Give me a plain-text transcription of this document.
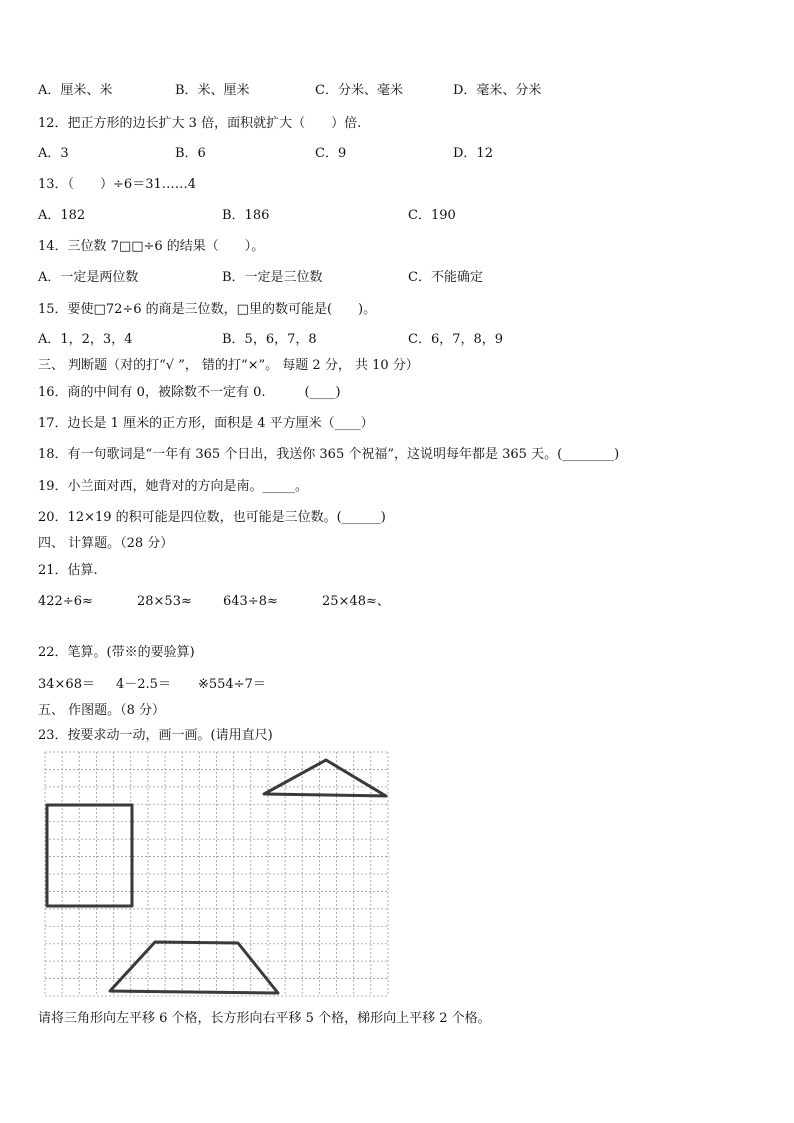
A．厘米、米	B．米、厘米	C．分米、毫米	D．毫米、分米
12．把正方形的边长扩大 3 倍，面积就扩大（　　）倍.
A．3	B．6	C．9	D．12
13．（　　）÷6＝31……4
A．182	B．186	C．190
14．三位数 7□□÷6 的结果（　　）。
A．一定是两位数	B．一定是三位数	C．不能确定
15．要使□72÷6 的商是三位数，□里的数可能是(　　)。
A．1，2，3，4	B．5，6，7，8	C．6，7，8，9
三、 判断题（对的打“√ ”， 错的打“×”。 每题 2 分， 共 10 分）
16．商的中间有 0，被除数不一定有 0.　　　(____)
17．边长是 1 厘米的正方形，面积是 4 平方厘米（____）
18．有一句歌词是“一年有 365 个日出，我送你 365 个祝福”，这说明每年都是 365 天。(________)
19．小兰面对西，她背对的方向是南。_____。
20．12×19 的积可能是四位数，也可能是三位数。(______)
四、 计算题。（28 分）
21．估算.
422÷6≈	28×53≈ 643÷8≈	25×48≈、
22．笔算。(带※的要验算)
34×68＝ 4－2.5＝ ※554÷7＝
五、 作图题。（8 分）
23．按要求动一动，画一画。(请用直尺)
请将三角形向左平移 6 个格，长方形向右平移 5 个格，梯形向上平移 2 个格。
